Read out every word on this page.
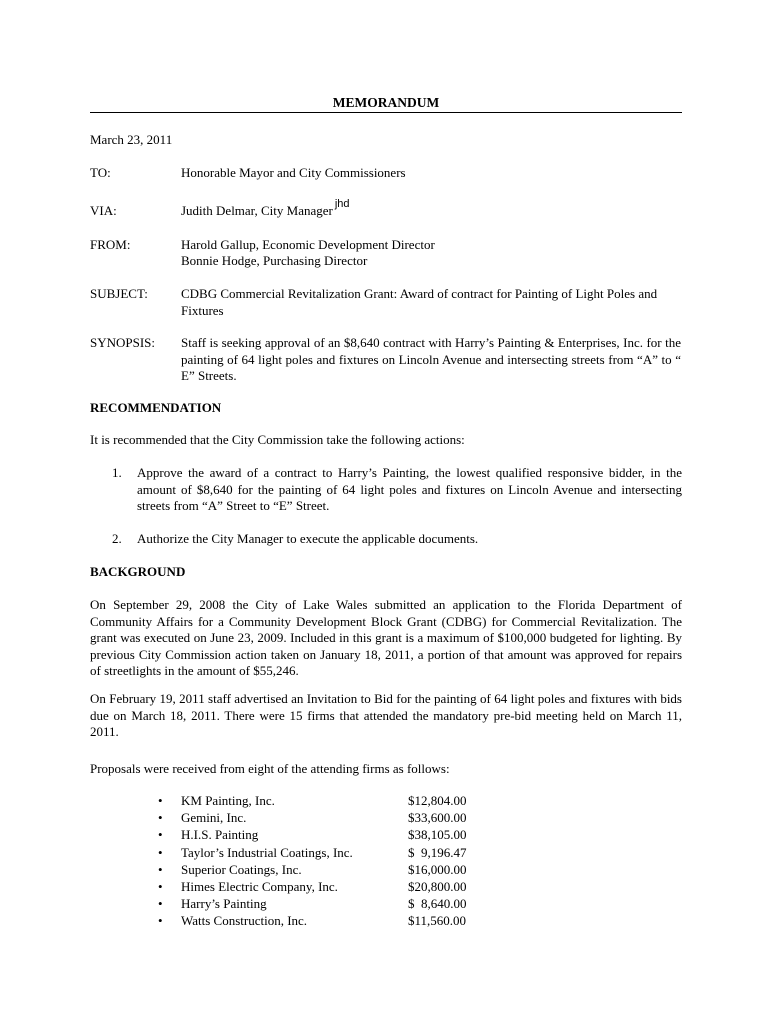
MEMORANDUM
March 23, 2011
TO:	Honorable Mayor and City Commissioners
VIA:	Judith Delmar, City Manager $^{jhd}$
FROM:	Harold Gallup, Economic Development Director
Bonnie Hodge, Purchasing Director
SUBJECT:	CDBG Commercial Revitalization Grant: Award of contract for Painting of Light Poles and Fixtures
SYNOPSIS: Staff is seeking approval of an $8,640 contract with Harry’s Painting & Enterprises, Inc. for the painting of 64 light poles and fixtures on Lincoln Avenue and intersecting streets from “A” to “ E” Streets.
RECOMMENDATION
It is recommended that the City Commission take the following actions:
1. Approve the award of a contract to Harry’s Painting, the lowest qualified responsive bidder, in the amount of $8,640 for the painting of 64 light poles and fixtures on Lincoln Avenue and intersecting streets from “A” Street to “E” Street.
2. Authorize the City Manager to execute the applicable documents.
BACKGROUND
On September 29, 2008 the City of Lake Wales submitted an application to the Florida Department of Community Affairs for a Community Development Block Grant (CDBG) for Commercial Revitalization. The grant was executed on June 23, 2009. Included in this grant is a maximum of $100,000 budgeted for lighting. By previous City Commission action taken on January 18, 2011, a portion of that amount was approved for repairs of streetlights in the amount of $55,246.
On February 19, 2011 staff advertised an Invitation to Bid for the painting of 64 light poles and fixtures with bids due on March 18, 2011. There were 15 firms that attended the mandatory pre-bid meeting held on March 11, 2011.
Proposals were received from eight of the attending firms as follows:
• KM Painting, Inc.	$12,804.00
• Gemini, Inc.	$33,600.00
• H.I.S. Painting	$38,105.00
• Taylor’s Industrial Coatings, Inc.	$  9,196.47
• Superior Coatings, Inc.	$16,000.00
• Himes Electric Company, Inc.	$20,800.00
• Harry’s Painting	$  8,640.00
• Watts Construction, Inc.	$11,560.00
